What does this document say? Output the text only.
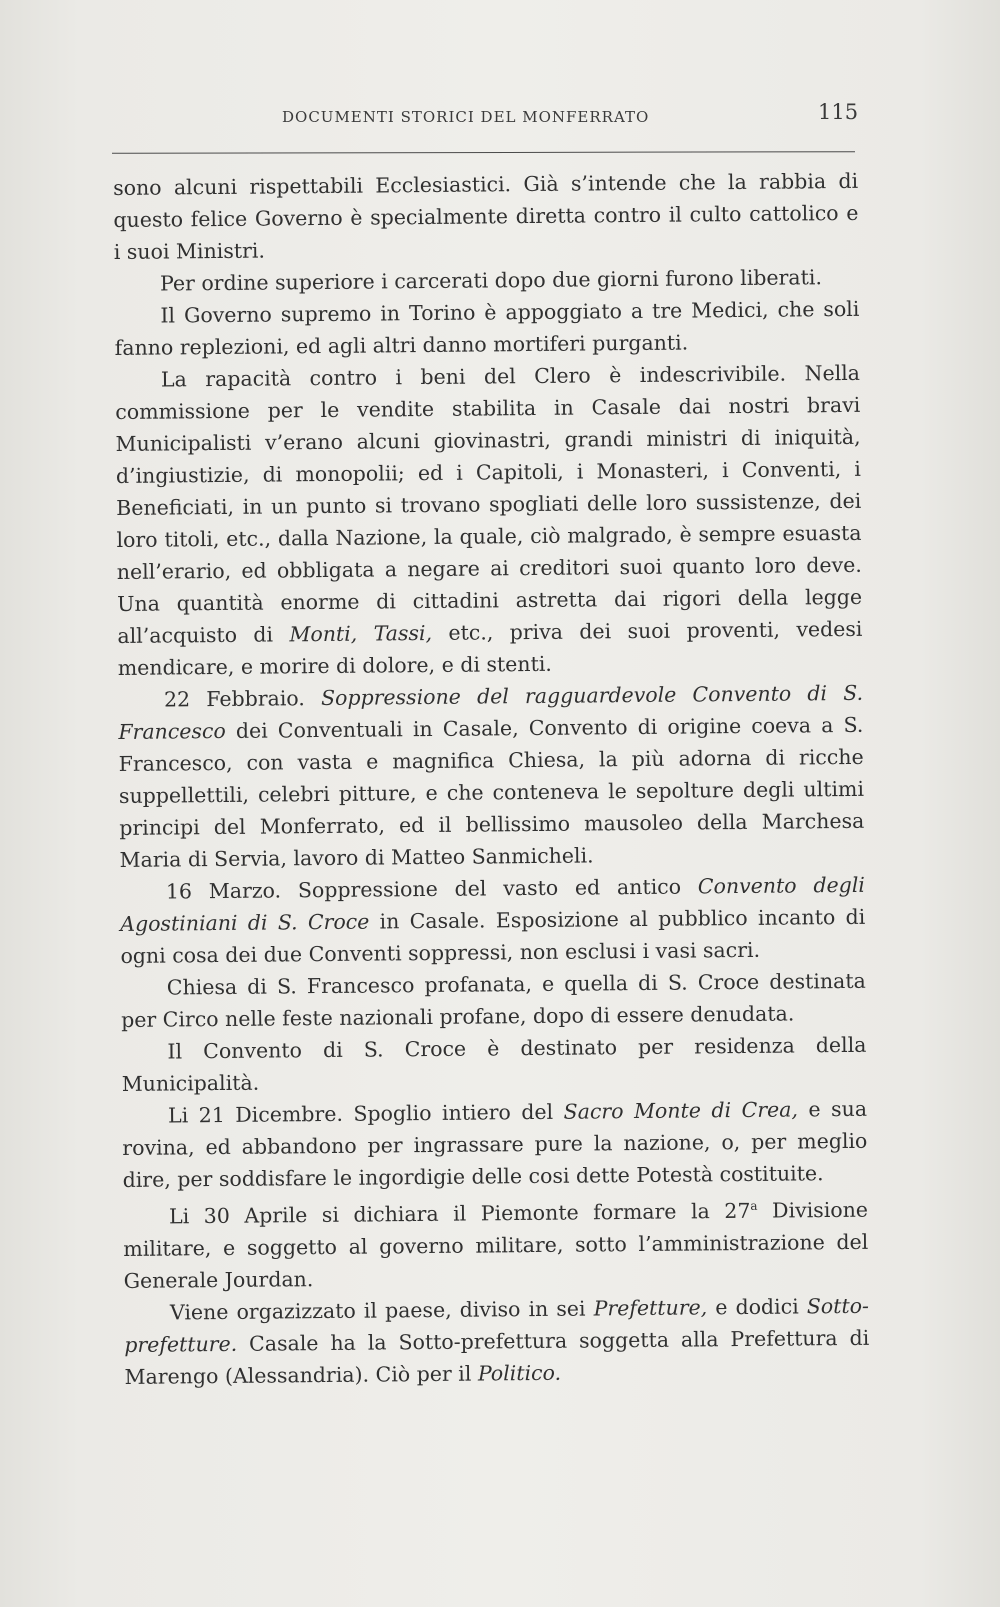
DOCUMENTI STORICI DEL MONFERRATO	115

sono alcuni rispettabili Ecclesiastici. Già s’intende che la rabbia di questo felice Governo è specialmente diretta contro il culto cattolico e i suoi Ministri.

Per ordine superiore i carcerati dopo due giorni furono liberati.

Il Governo supremo in Torino è appoggiato a tre Medici, che soli fanno replezioni, ed agli altri danno mortiferi purganti.

La rapacità contro i beni del Clero è indescrivibile. Nella commissione per le vendite stabilita in Casale dai nostri bravi Municipalisti v’erano alcuni giovinastri, grandi ministri di iniquità, d’ingiustizie, di monopolii; ed i Capitoli, i Monasteri, i Conventi, i Beneficiati, in un punto si trovano spogliati delle loro sussistenze, dei loro titoli, etc., dalla Nazione, la quale, ciò malgrado, è sempre esuasta nell’erario, ed obbligata a negare ai creditori suoi quanto loro deve. Una quantità enorme di cittadini astretta dai rigori della legge all’acquisto di Monti, Tassi, etc., priva dei suoi proventi, vedesi mendicare, e morire di dolore, e di stenti.

22 Febbraio. Soppressione del ragguardevole Convento di S. Francesco dei Conventuali in Casale, Convento di origine coeva a S. Francesco, con vasta e magnifica Chiesa, la più adorna di ricche suppellettili, celebri pitture, e che conteneva le sepolture degli ultimi principi del Monferrato, ed il bellissimo mausoleo della Marchesa Maria di Servia, lavoro di Matteo Sanmicheli.

16 Marzo. Soppressione del vasto ed antico Convento degli Agostiniani di S. Croce in Casale. Esposizione al pubblico incanto di ogni cosa dei due Conventi soppressi, non esclusi i vasi sacri.

Chiesa di S. Francesco profanata, e quella di S. Croce destinata per Circo nelle feste nazionali profane, dopo di essere denudata.

Il Convento di S. Croce è destinato per residenza della Municipalità.

Li 21 Dicembre. Spoglio intiero del Sacro Monte di Crea, e sua rovina, ed abbandono per ingrassare pure la nazione, o, per meglio dire, per soddisfare le ingordigie delle cosi dette Potestà costituite.

Li 30 Aprile si dichiara il Piemonte formare la 27$^a$ Divisione militare, e soggetto al governo militare, sotto l’amministrazione del Generale Jourdan.

Viene orgazizzato il paese, diviso in sei Prefetture, e dodici Sotto-prefetture. Casale ha la Sotto-prefettura soggetta alla Prefettura di Marengo (Alessandria). Ciò per il Politico.
